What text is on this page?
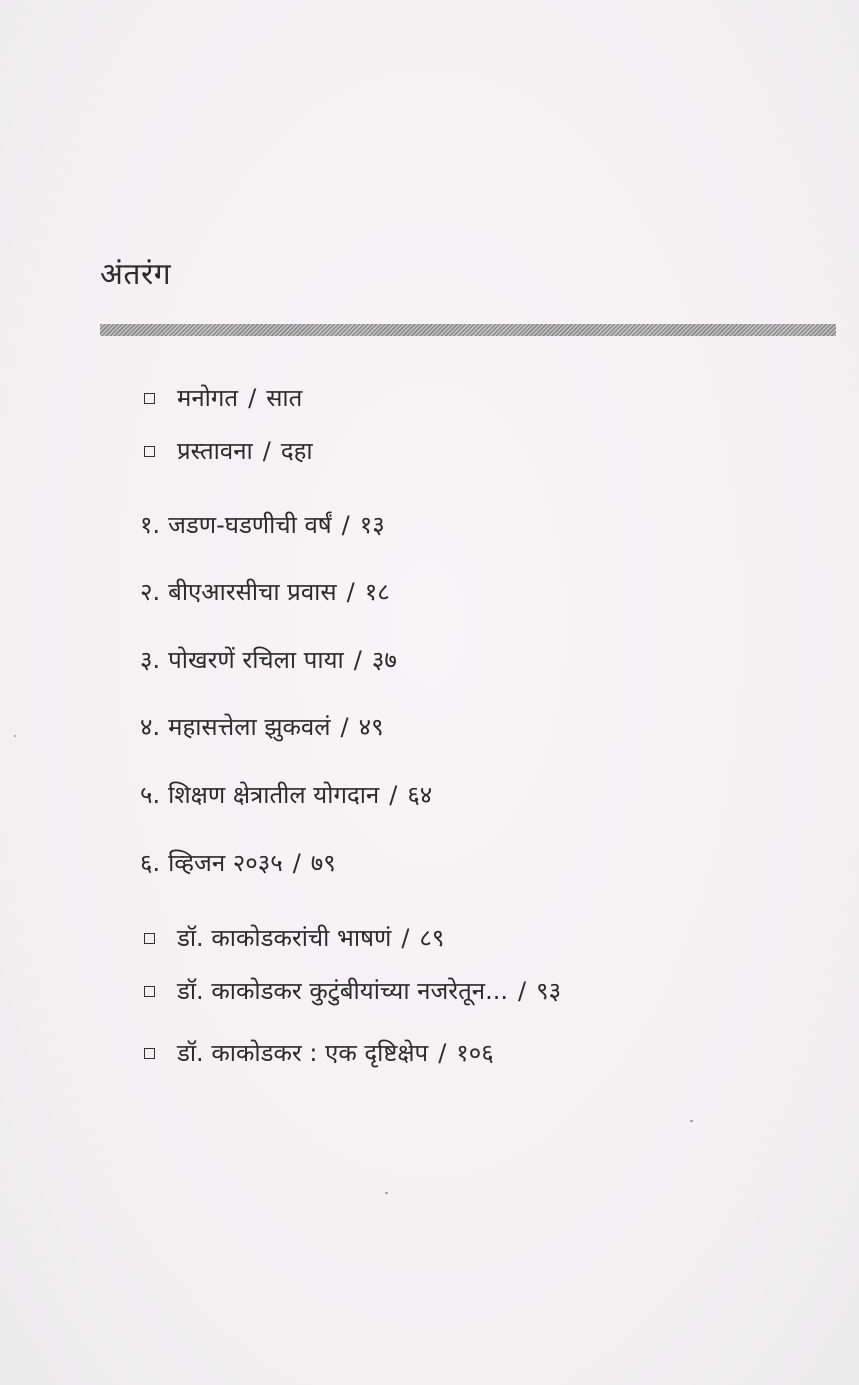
अंतरंग
मनोगत / सात
प्रस्तावना / दहा
१. जडण-घडणीची वर्षं / १३
२. बीएआरसीचा प्रवास / १८
३. पोखरणें रचिला पाया / ३७
४. महासत्तेला झुकवलं / ४९
५. शिक्षण क्षेत्रातील योगदान / ६४
६. व्हिजन २०३५ / ७९
डॉ. काकोडकरांची भाषणं / ८९
डॉ. काकोडकर कुटुंबीयांच्या नजरेतून... / ९३
डॉ. काकोडकर : एक दृष्टिक्षेप / १०६
